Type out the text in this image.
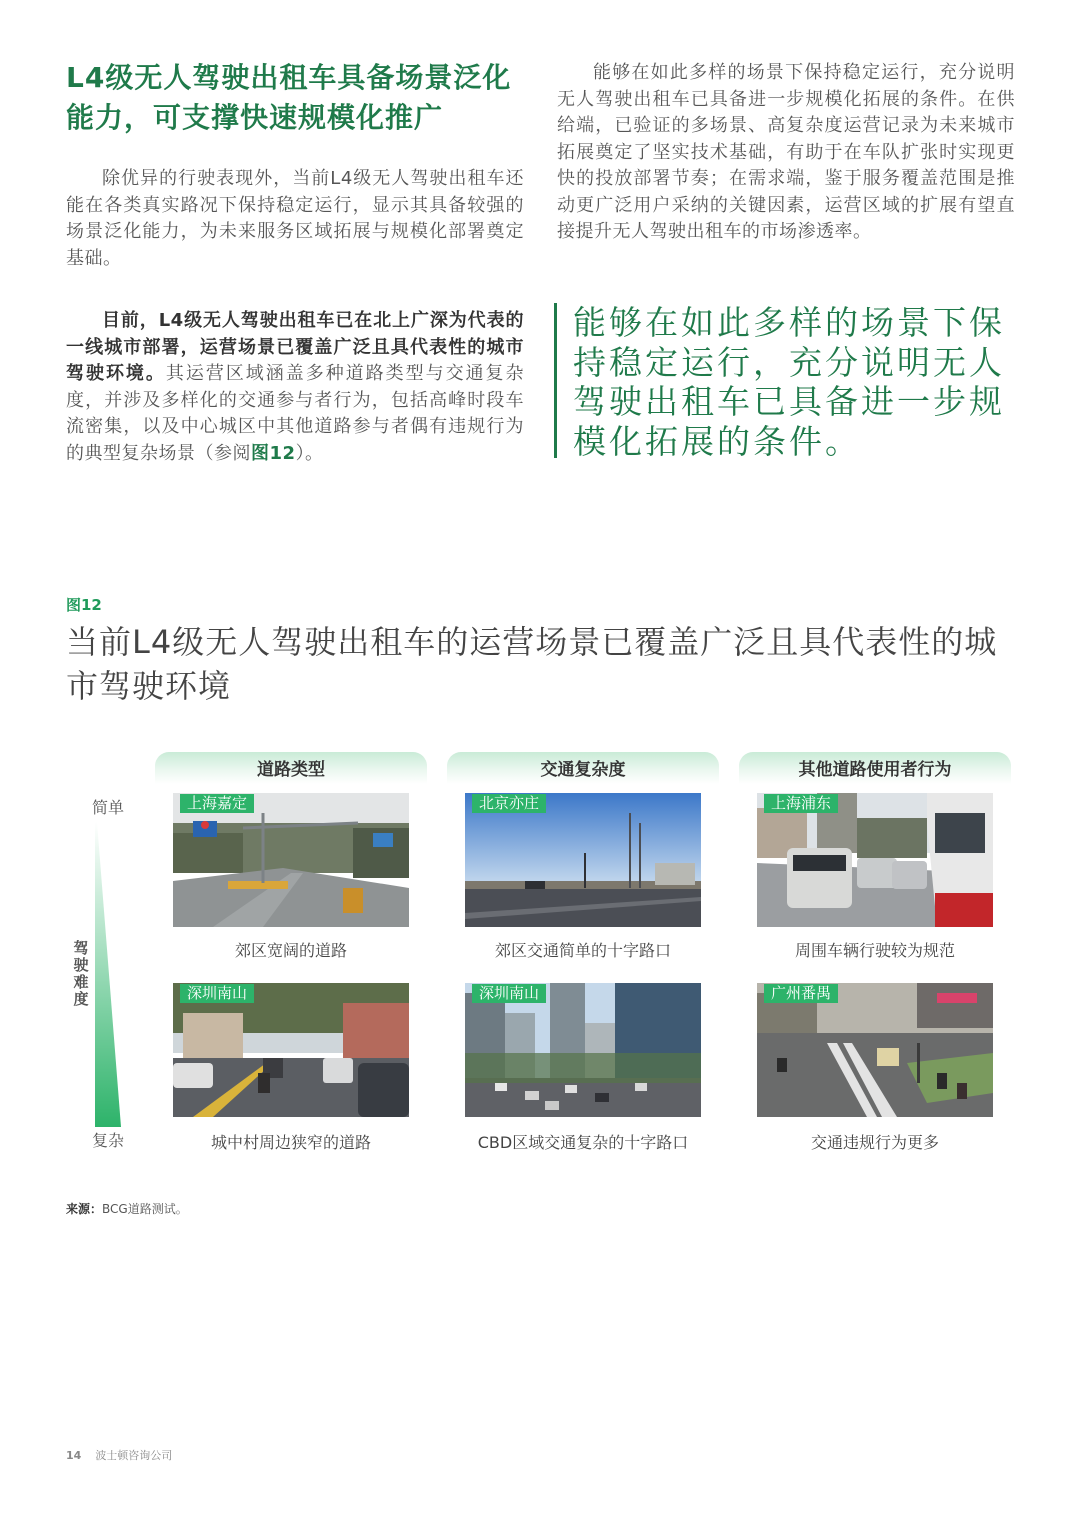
L4级无人驾驶出租车具备场景泛化能力，可支撑快速规模化推广
除优异的行驶表现外，当前L4级无人驾驶出租车还能在各类真实路况下保持稳定运行，显示其具备较强的场景泛化能力，为未来服务区域拓展与规模化部署奠定基础。
目前，L4级无人驾驶出租车已在北上广深为代表的一线城市部署，运营场景已覆盖广泛且具代表性的城市驾驶环境。其运营区域涵盖多种道路类型与交通复杂度，并涉及多样化的交通参与者行为，包括高峰时段车流密集，以及中心城区中其他道路参与者偶有违规行为的典型复杂场景（参阅图12）。
能够在如此多样的场景下保持稳定运行，充分说明无人驾驶出租车已具备进一步规模化拓展的条件。在供给端，已验证的多场景、高复杂度运营记录为未来城市拓展奠定了坚实技术基础，有助于在车队扩张时实现更快的投放部署节奏；在需求端，鉴于服务覆盖范围是推动更广泛用户采纳的关键因素，运营区域的扩展有望直接提升无人驾驶出租车的市场渗透率。
能够在如此多样的场景下保持稳定运行，充分说明无人驾驶出租车已具备进一步规模化拓展的条件。
图12
当前L4级无人驾驶出租车的运营场景已覆盖广泛且具代表性的城市驾驶环境
简单
驾驶难度
复杂
道路类型	交通复杂度	其他道路使用者行为
上海嘉定	北京亦庄	上海浦东
郊区宽阔的道路	郊区交通简单的十字路口	周围车辆行驶较为规范
深圳南山	深圳南山	广州番禺
城中村周边狭窄的道路	CBD区域交通复杂的十字路口	交通违规行为更多
来源：BCG道路测试。
14 波士顿咨询公司
